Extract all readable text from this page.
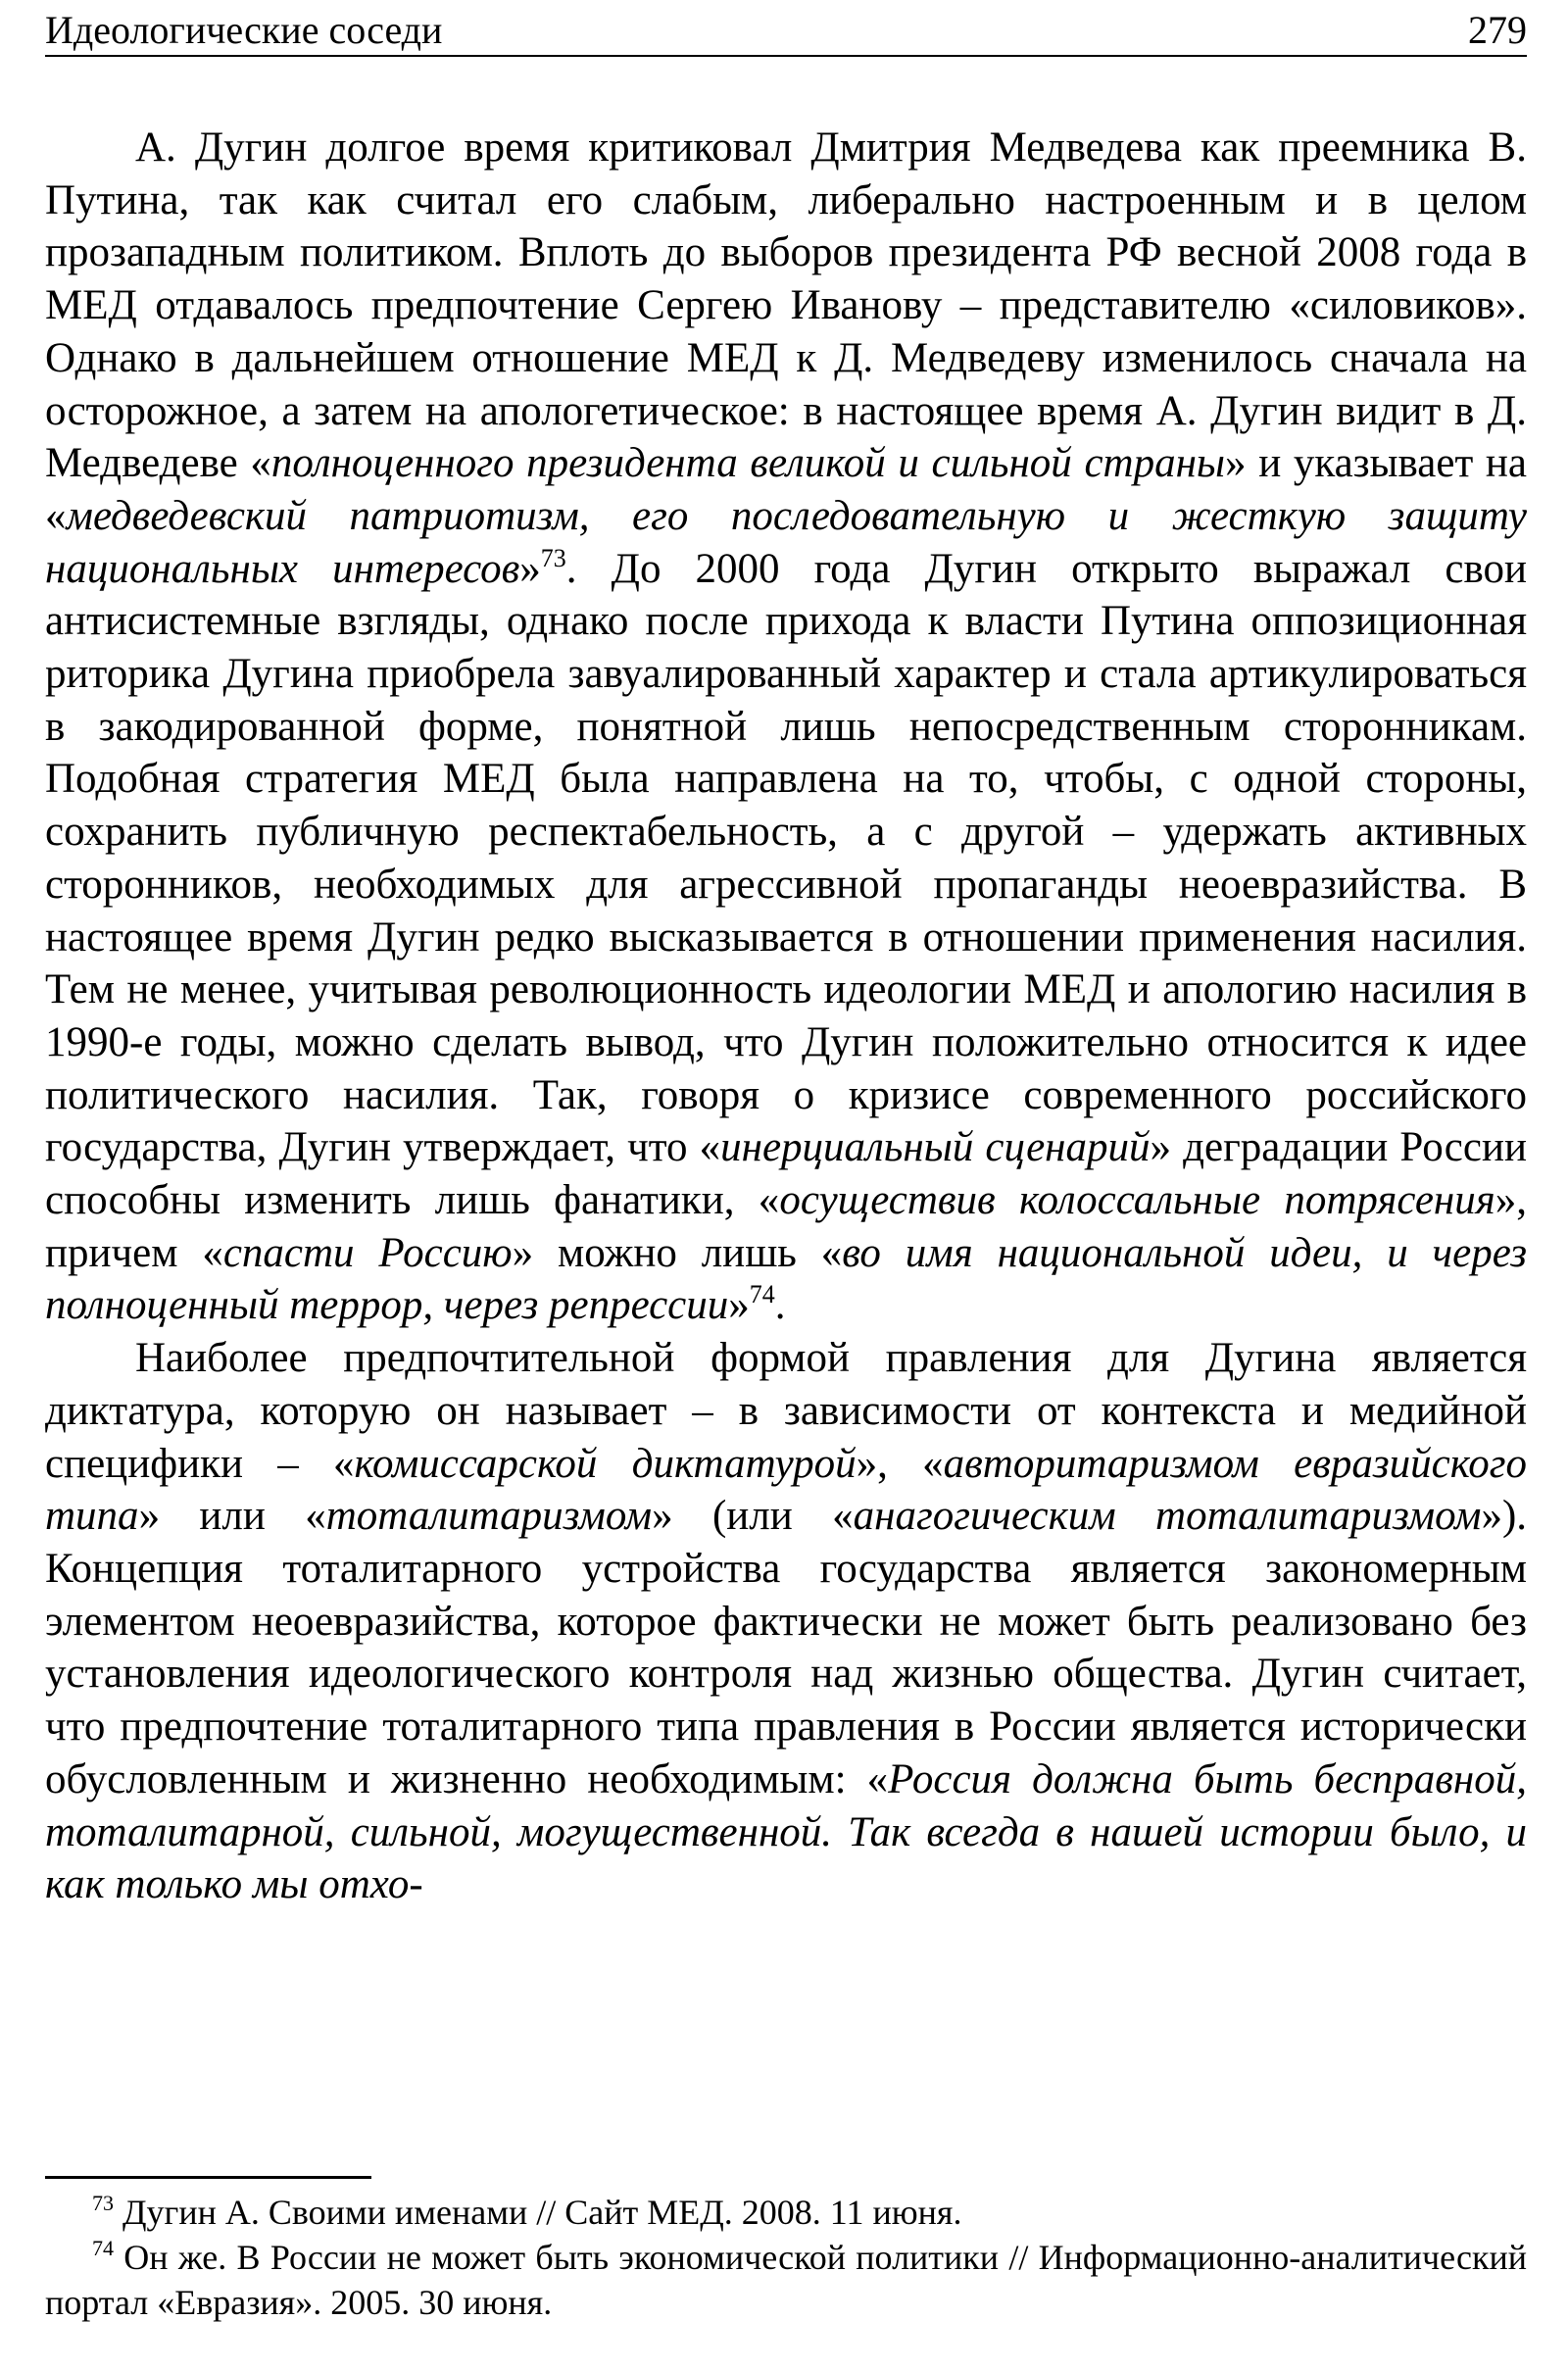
Идеологические соседи	279

А. Дугин долгое время критиковал Дмитрия Медведева как преемника В. Путина, так как считал его слабым, либерально настроенным и в целом прозападным политиком. Вплоть до выборов президента РФ весной 2008 года в МЕД отдавалось предпочтение Сергею Иванову – представителю «силовиков». Однако в дальнейшем отношение МЕД к Д. Медведеву изменилось сначала на осторожное, а затем на апологетическое: в настоящее время А. Дугин видит в Д. Медведеве «полноценного президента великой и сильной страны» и указывает на «медведевский патриотизм, его последовательную и жесткую защиту национальных интересов»$^{73}$. До 2000 года Дугин открыто выражал свои антисистемные взгляды, однако после прихода к власти Путина оппозиционная риторика Дугина приобрела завуалированный характер и стала артикулироваться в закодированной форме, понятной лишь непосредственным сторонникам. Подобная стратегия МЕД была направлена на то, чтобы, с одной стороны, сохранить публичную респектабельность, а с другой – удержать активных сторонников, необходимых для агрессивной пропаганды неоевразийства. В настоящее время Дугин редко высказывается в отношении применения насилия. Тем не менее, учитывая революционность идеологии МЕД и апологию насилия в 1990-е годы, можно сделать вывод, что Дугин положительно относится к идее политического насилия. Так, говоря о кризисе современного российского государства, Дугин утверждает, что «инерциальный сценарий» деградации России способны изменить лишь фанатики, «осуществив колоссальные потрясения», причем «спасти Россию» можно лишь «во имя национальной идеи, и через полноценный террор, через репрессии»$^{74}$.

Наиболее предпочтительной формой правления для Дугина является диктатура, которую он называет – в зависимости от контекста и медийной специфики – «комиссарской диктатурой», «авторитаризмом евразийского типа» или «тоталитаризмом» (или «анагогическим тоталитаризмом»). Концепция тоталитарного устройства государства является закономерным элементом неоевразийства, которое фактически не может быть реализовано без установления идеологического контроля над жизнью общества. Дугин считает, что предпочтение тоталитарного типа правления в России является исторически обусловленным и жизненно необходимым: «Россия должна быть бесправной, тоталитарной, сильной, могущественной. Так всегда в нашей истории было, и как только мы отхо-

$^{73}$ Дугин А. Своими именами // Сайт МЕД. 2008. 11 июня.

$^{74}$ Он же. В России не может быть экономической политики // Информационно-аналитический портал «Евразия». 2005. 30 июня.
